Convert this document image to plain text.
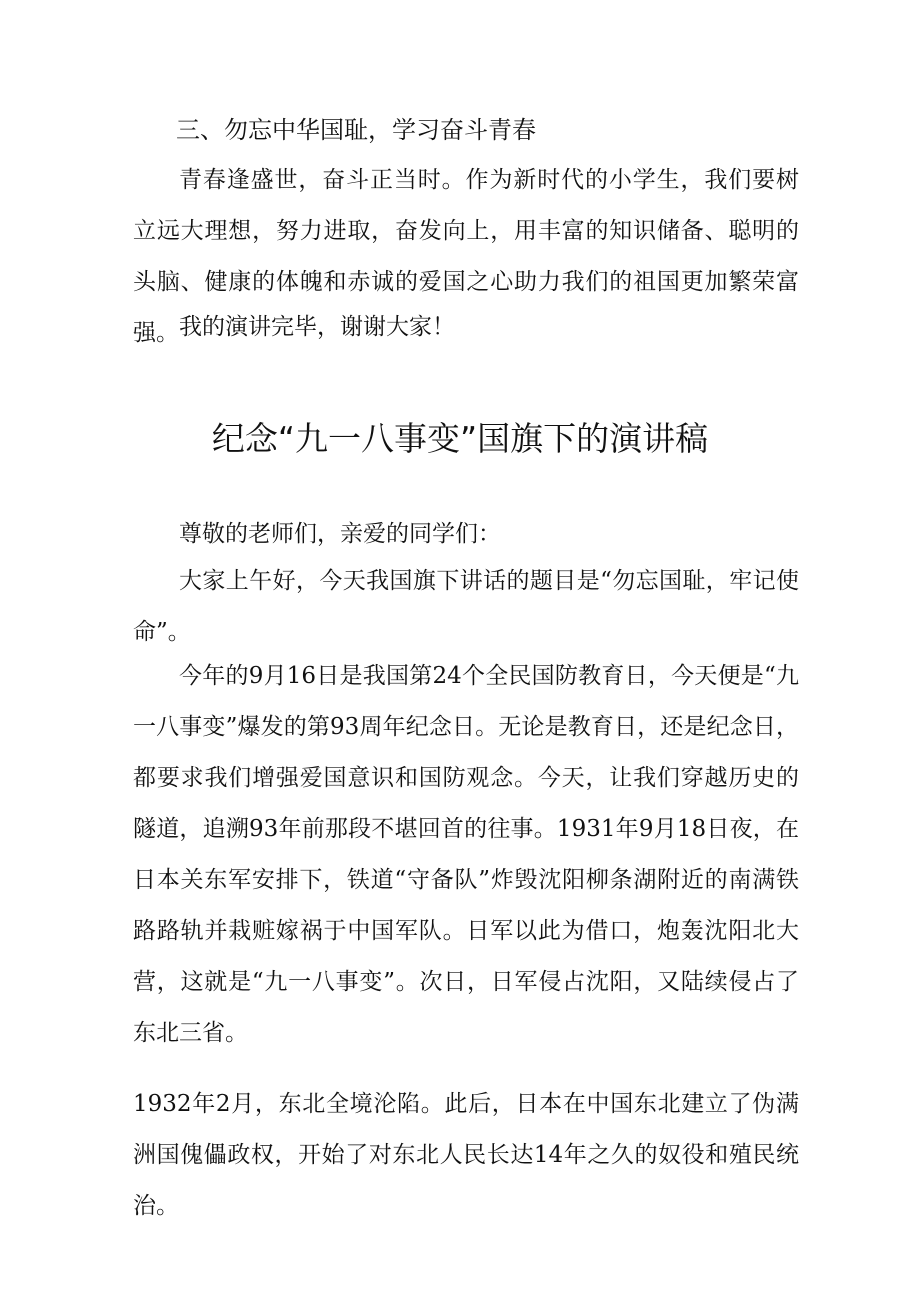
三、勿忘中华国耻，学习奋斗青春

青春逢盛世，奋斗正当时。作为新时代的小学生，我们要树立远大理想，努力进取，奋发向上，用丰富的知识储备、聪明的头脑、健康的体魄和赤诚的爱国之心助力我们的祖国更加繁荣富强。 我的演讲完毕，谢谢大家！

纪念“九一八事变”国旗下的演讲稿

尊敬的老师们，亲爱的同学们：

大家上午好，今天我国旗下讲话的题目是“勿忘国耻，牢记使命”。

今年的9月16日是我国第24个全民国防教育日，今天便是“九一八事变”爆发的第93周年纪念日。无论是教育日，还是纪念日，都要求我们增强爱国意识和国防观念。今天，让我们穿越历史的隧道，追溯93年前那段不堪回首的往事。1931年9月18日夜，在日本关东军安排下，铁道“守备队”炸毁沈阳柳条湖附近的南满铁路路轨并栽赃嫁祸于中国军队。日军以此为借口，炮轰沈阳北大营，这就是“九一八事变”。次日，日军侵占沈阳，又陆续侵占了东北三省。

1932年2月，东北全境沦陷。此后，日本在中国东北建立了伪满洲国傀儡政权，开始了对东北人民长达14年之久的奴役和殖民统治。
